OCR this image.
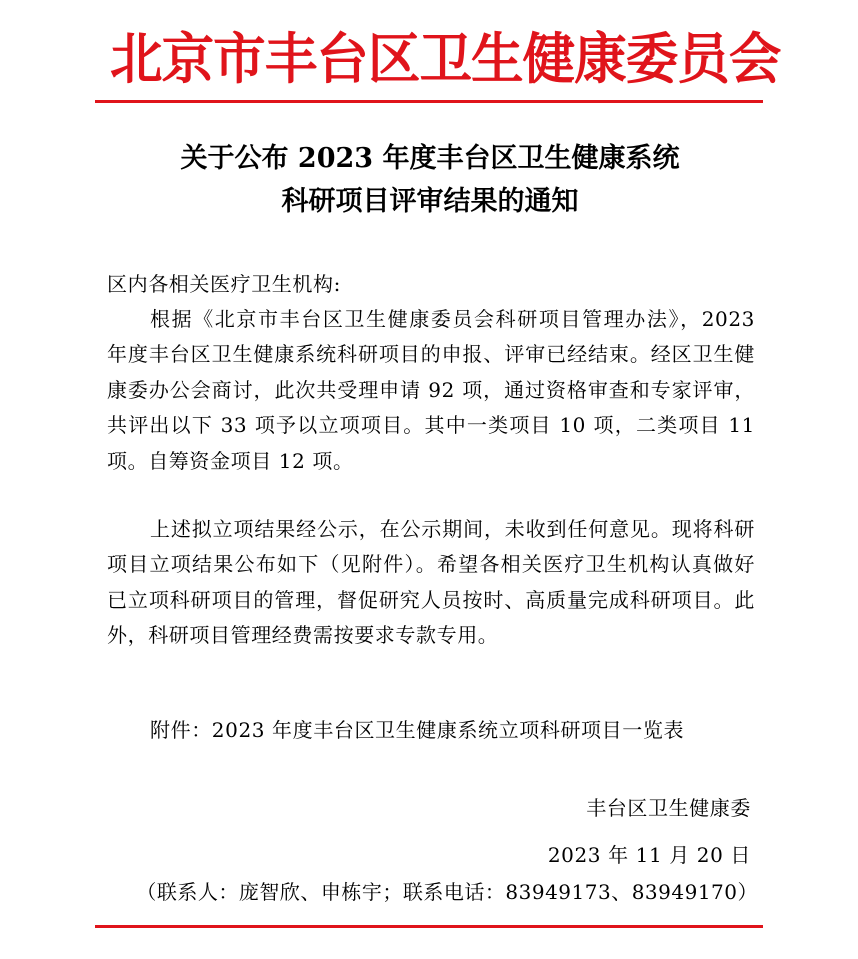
北京市丰台区卫生健康委员会
关于公布 2023 年度丰台区卫生健康系统
科研项目评审结果的通知
区内各相关医疗卫生机构:
根据《北京市丰台区卫生健康委员会科研项目管理办法》，2023 年度丰台区卫生健康系统科研项目的申报、评审已经结束。经区卫生健康委办公会商讨，此次共受理申请 92 项，通过资格审查和专家评审，共评出以下 33 项予以立项项目。其中一类项目 10 项，二类项目 11 项。自筹资金项目 12 项。
上述拟立项结果经公示，在公示期间，未收到任何意见。现将科研项目立项结果公布如下（见附件）。希望各相关医疗卫生机构认真做好已立项科研项目的管理，督促研究人员按时、高质量完成科研项目。此外，科研项目管理经费需按要求专款专用。
附件：2023 年度丰台区卫生健康系统立项科研项目一览表
丰台区卫生健康委
2023 年 11 月 20 日
（联系人：庞智欣、申栋宇；联系电话：83949173、83949170）
